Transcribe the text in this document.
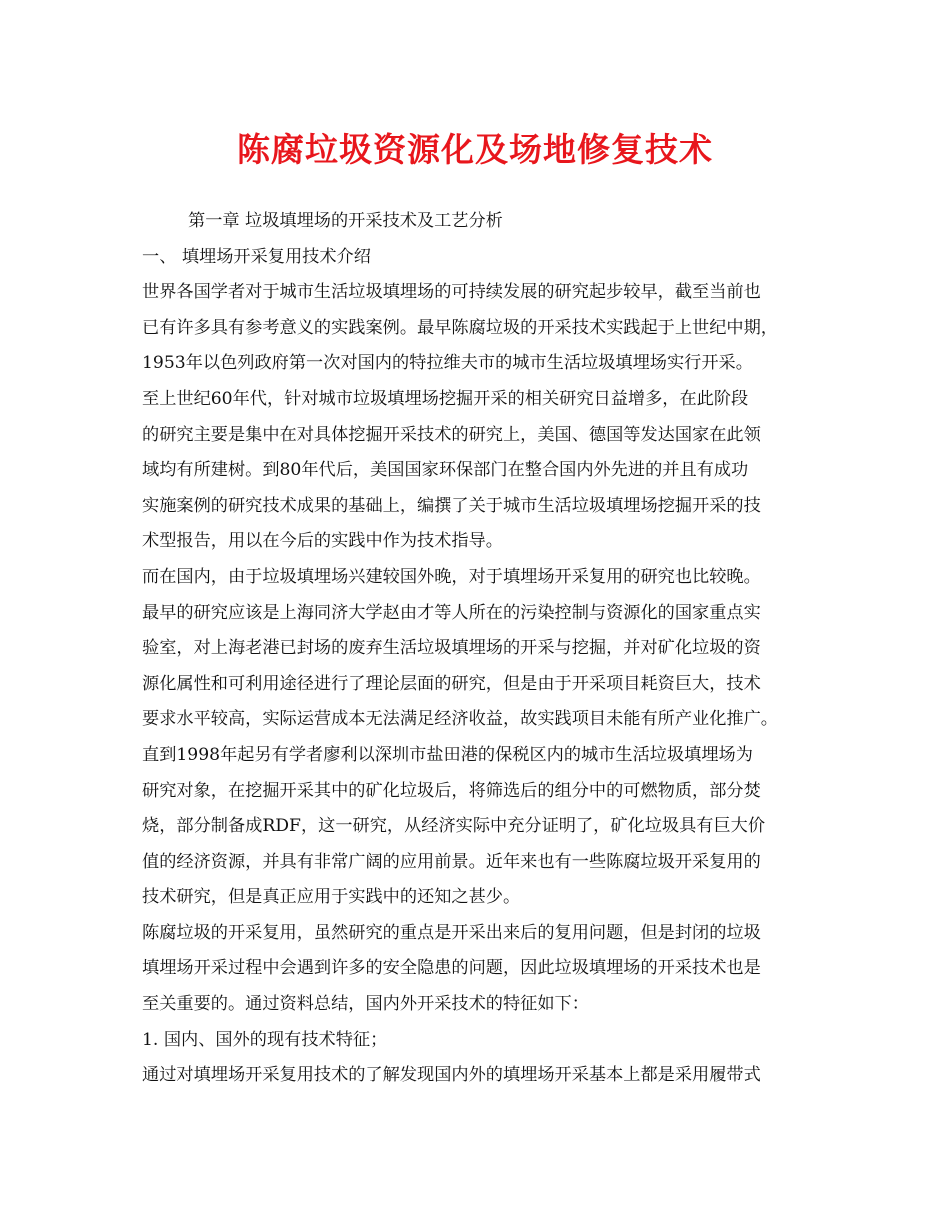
陈腐垃圾资源化及场地修复技术
第一章 垃圾填埋场的开采技术及工艺分析
一、 填埋场开采复用技术介绍
世界各国学者对于城市生活垃圾填埋场的可持续发展的研究起步较早，截至当前也
已有许多具有参考意义的实践案例。最早陈腐垃圾的开采技术实践起于上世纪中期，
1953年以色列政府第一次对国内的特拉维夫市的城市生活垃圾填埋场实行开采。
至上世纪60年代，针对城市垃圾填埋场挖掘开采的相关研究日益增多，在此阶段
的研究主要是集中在对具体挖掘开采技术的研究上，美国、德国等发达国家在此领
域均有所建树。到80年代后，美国国家环保部门在整合国内外先进的并且有成功
实施案例的研究技术成果的基础上，编撰了关于城市生活垃圾填埋场挖掘开采的技
术型报告，用以在今后的实践中作为技术指导。
而在国内，由于垃圾填埋场兴建较国外晚，对于填埋场开采复用的研究也比较晚。
最早的研究应该是上海同济大学赵由才等人所在的污染控制与资源化的国家重点实
验室，对上海老港已封场的废弃生活垃圾填埋场的开采与挖掘，并对矿化垃圾的资
源化属性和可利用途径进行了理论层面的研究，但是由于开采项目耗资巨大，技术
要求水平较高，实际运营成本无法满足经济收益，故实践项目未能有所产业化推广。
直到1998年起另有学者廖利以深圳市盐田港的保税区内的城市生活垃圾填埋场为
研究对象，在挖掘开采其中的矿化垃圾后，将筛选后的组分中的可燃物质，部分焚
烧，部分制备成RDF，这一研究，从经济实际中充分证明了，矿化垃圾具有巨大价
值的经济资源，并具有非常广阔的应用前景。近年来也有一些陈腐垃圾开采复用的
技术研究，但是真正应用于实践中的还知之甚少。
陈腐垃圾的开采复用，虽然研究的重点是开采出来后的复用问题，但是封闭的垃圾
填埋场开采过程中会遇到许多的安全隐患的问题，因此垃圾填埋场的开采技术也是
至关重要的。通过资料总结，国内外开采技术的特征如下：
1. 国内、国外的现有技术特征；
通过对填埋场开采复用技术的了解发现国内外的填埋场开采基本上都是采用履带式
